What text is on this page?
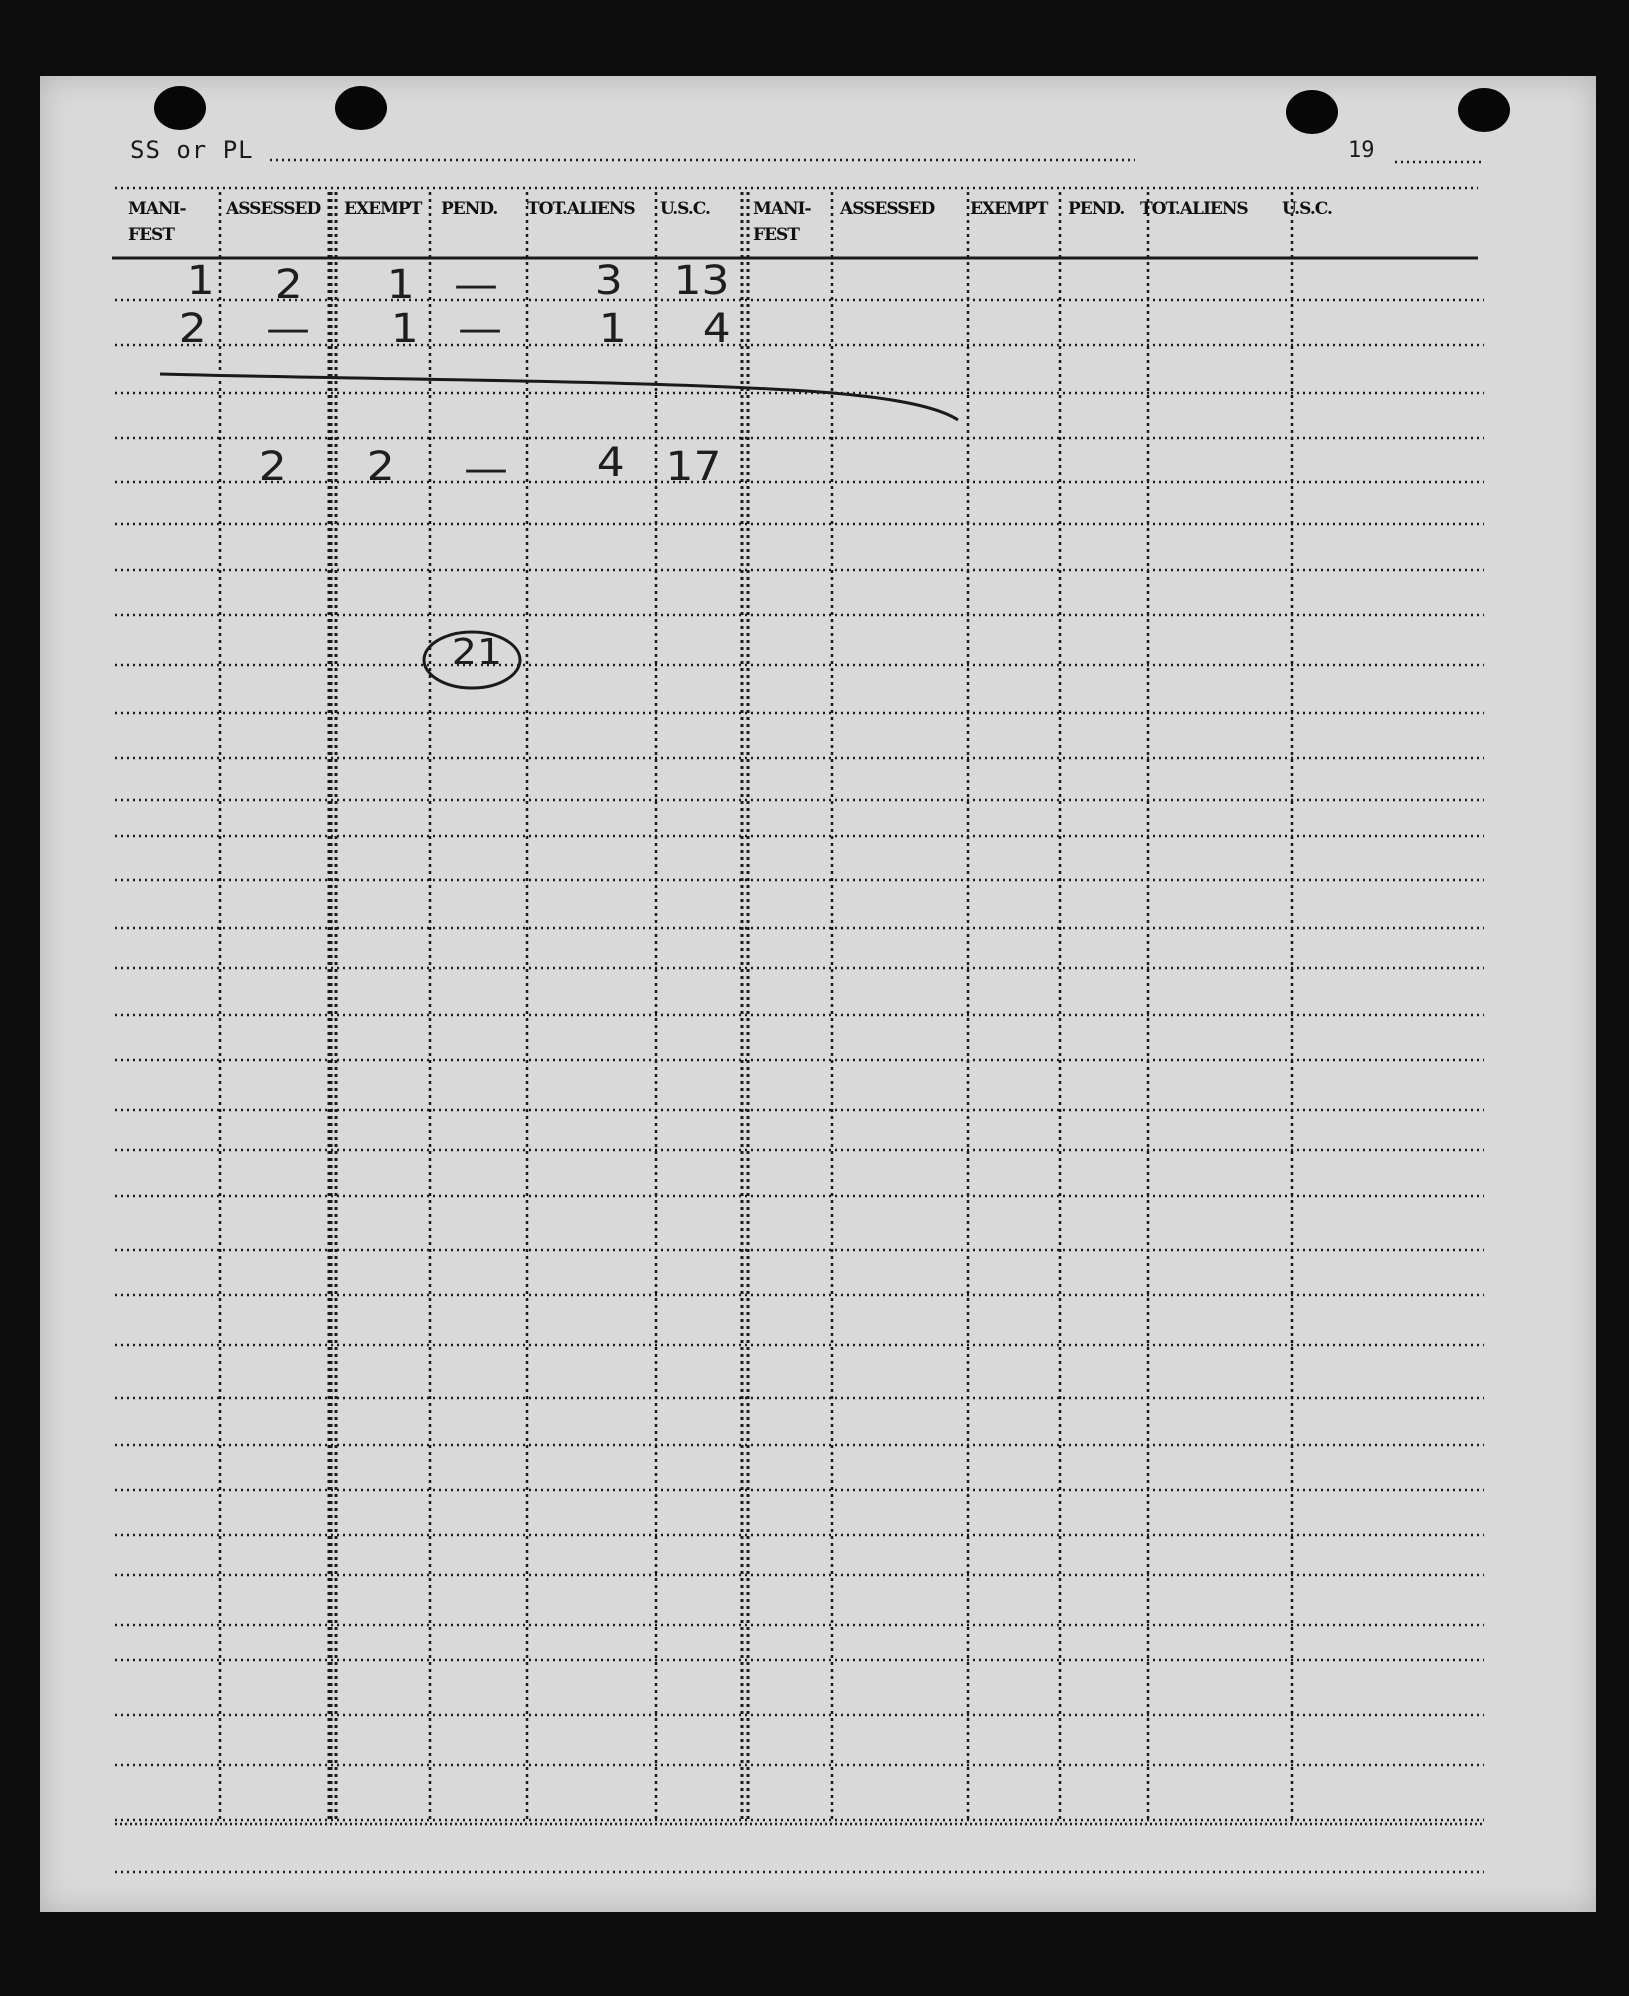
SS or PL	19
MANI-
FEST
ASSESSED EXEMPT PEND. TOT.ALIENS U.S.C.	MANI-
FEST
ASSESSED EXEMPT PEND. TOT.ALIENS U.S.C.
1 2 1 — 3 13
2 — 1 — 1 4
2 2 — 4 17
21
